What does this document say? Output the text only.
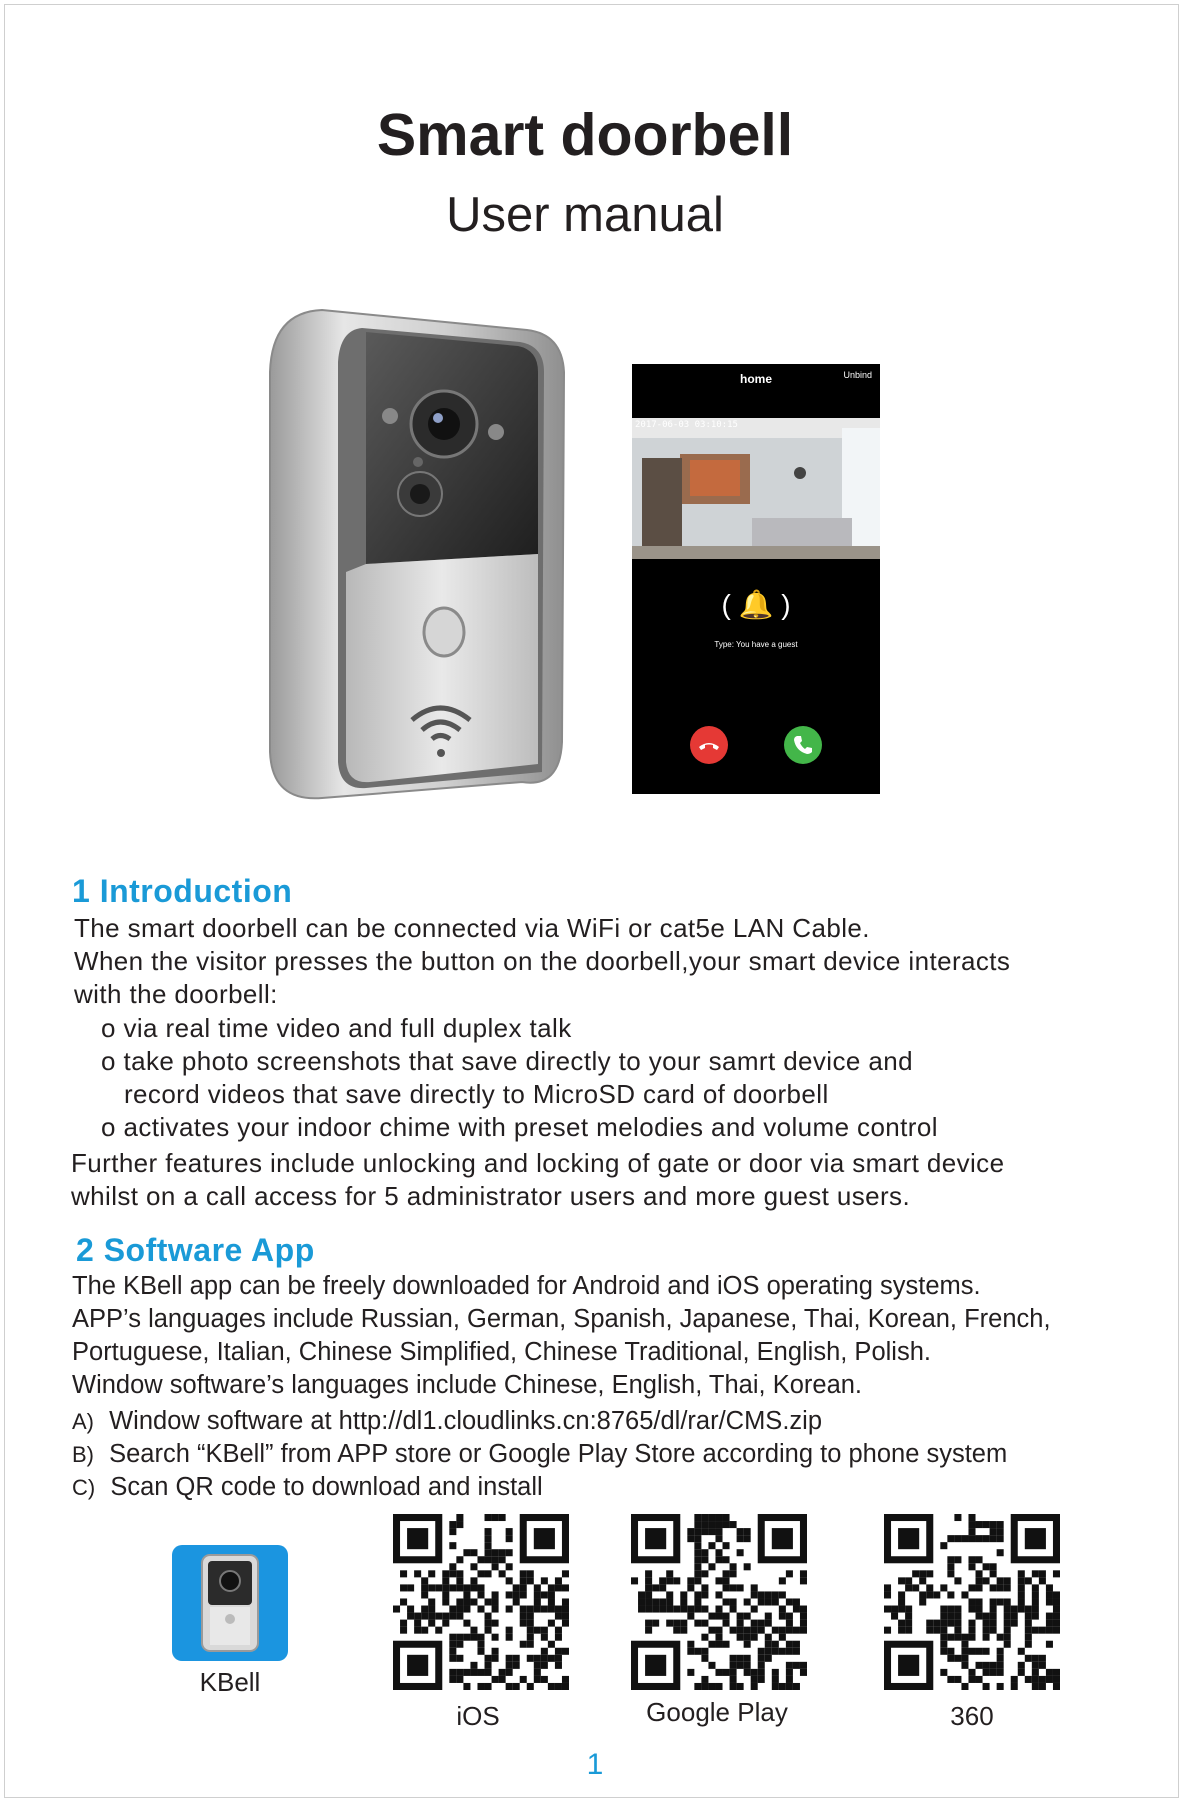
Smart doorbell
User manual
home	Unbind
2017-06-03 03:10:15
( 🔔 )
Type: You have a guest
1 Introduction
The smart doorbell can be connected via WiFi or cat5e LAN Cable.
When the visitor presses the button on the doorbell,your smart device interacts
with the doorbell:
o via real time video and full duplex talk
o take photo screenshots that save directly to your samrt device and
record videos that save directly to MicroSD card of doorbell
o activates your indoor chime with preset melodies and volume control
Further features include unlocking and locking of gate or door via smart device
whilst on a call access for 5 administrator users and more guest users.
2 Software App
The KBell app can be freely downloaded for Android and iOS operating systems.
APP’s languages include Russian, German, Spanish, Japanese, Thai, Korean, French,
Portuguese, Italian, Chinese Simplified, Chinese Traditional, English, Polish.
Window software’s languages include Chinese, English, Thai, Korean.
A) Window software at http://dl1.cloudlinks.cn:8765/dl/rar/CMS.zip
B) Search “KBell” from APP store or Google Play Store according to phone system
C) Scan QR code to download and install
KBell
iOS	Google Play	360
1
